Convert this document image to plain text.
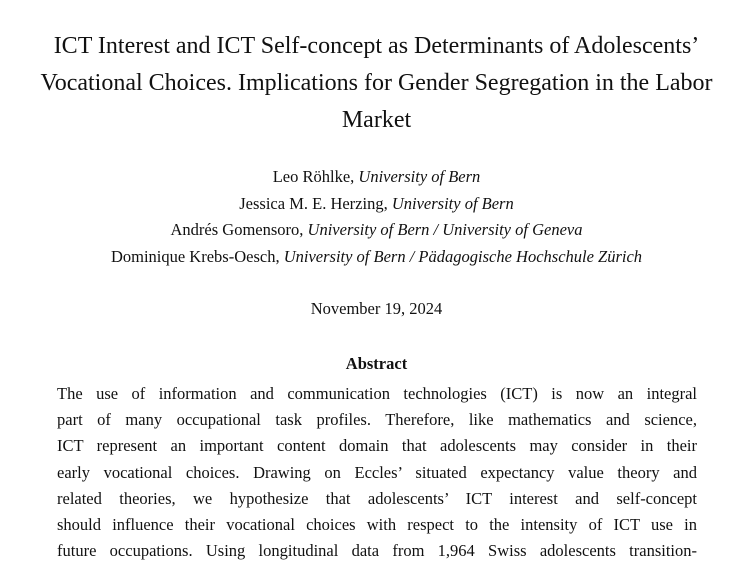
ICT Interest and ICT Self-concept as Determinants of Adolescents’
Vocational Choices. Implications for Gender Segregation in the Labor
Market
Leo Röhlke, University of Bern
Jessica M. E. Herzing, University of Bern
Andrés Gomensoro, University of Bern / University of Geneva
Dominique Krebs-Oesch, University of Bern / Pädagogische Hochschule Zürich
November 19, 2024
Abstract
The use of information and communication technologies (ICT) is now an integral
part of many occupational task profiles. Therefore, like mathematics and science,
ICT represent an important content domain that adolescents may consider in their
early vocational choices. Drawing on Eccles’ situated expectancy value theory and
related theories, we hypothesize that adolescents’ ICT interest and self-concept
should influence their vocational choices with respect to the intensity of ICT use in
future occupations. Using longitudinal data from 1,964 Swiss adolescents transition-
